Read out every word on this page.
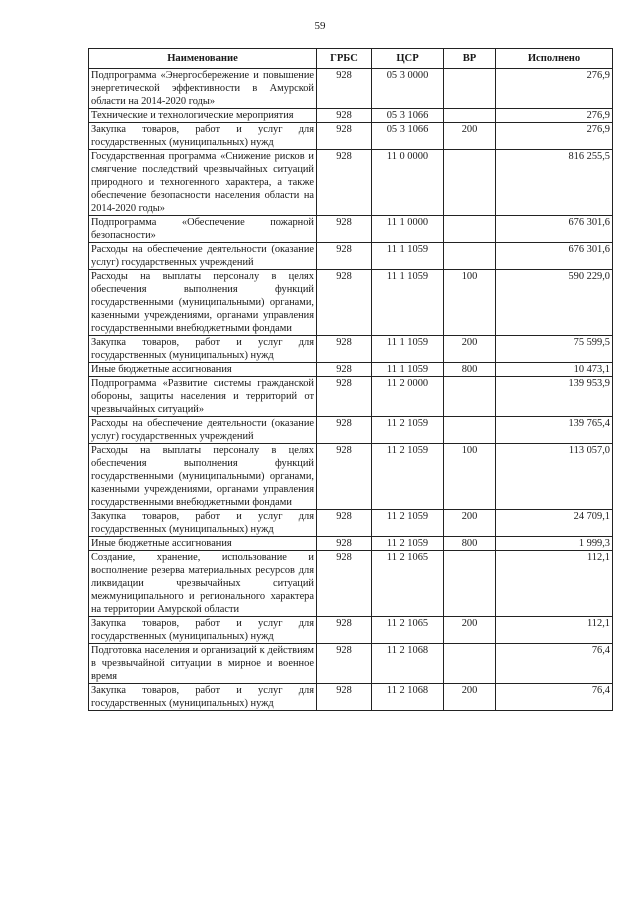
59
Наименование	ГРБС	ЦСР	ВР	Исполнено
Подпрограмма «Энергосбережение и повышение энергетической эффективности в Амурской области на 2014-2020 годы»	928	05 3 0000		276,9
Технические и технологические мероприятия	928	05 3 1066		276,9
Закупка товаров, работ и услуг для государственных (муниципальных) нужд	928	05 3 1066	200	276,9
Государственная программа «Снижение рисков и смягчение последствий чрезвычайных ситуаций природного и техногенного характера, а также обеспечение безопасности населения области на 2014-2020 годы»	928	11 0 0000		816 255,5
Подпрограмма «Обеспечение пожарной безопасности»	928	11 1 0000		676 301,6
Расходы на обеспечение деятельности (оказание услуг) государственных учреждений	928	11 1 1059		676 301,6
Расходы на выплаты персоналу в целях обеспечения выполнения функций государственными (муниципальными) органами, казенными учреждениями, органами управления государственными внебюджетными фондами	928	11 1 1059	100	590 229,0
Закупка товаров, работ и услуг для государственных (муниципальных) нужд	928	11 1 1059	200	75 599,5
Иные бюджетные ассигнования	928	11 1 1059	800	10 473,1
Подпрограмма «Развитие системы гражданской обороны, защиты населения и территорий от чрезвычайных ситуаций»	928	11 2 0000		139 953,9
Расходы на обеспечение деятельности (оказание услуг) государственных учреждений	928	11 2 1059		139 765,4
Расходы на выплаты персоналу в целях обеспечения выполнения функций государственными (муниципальными) органами, казенными учреждениями, органами управления государственными внебюджетными фондами	928	11 2 1059	100	113 057,0
Закупка товаров, работ и услуг для государственных (муниципальных) нужд	928	11 2 1059	200	24 709,1
Иные бюджетные ассигнования	928	11 2 1059	800	1 999,3
Создание, хранение, использование и восполнение резерва материальных ресурсов для ликвидации чрезвычайных ситуаций межмуниципального и регионального характера на территории Амурской области	928	11 2 1065		112,1
Закупка товаров, работ и услуг для государственных (муниципальных) нужд	928	11 2 1065	200	112,1
Подготовка населения и организаций к действиям в чрезвычайной ситуации в мирное и военное время	928	11 2 1068		76,4
Закупка товаров, работ и услуг для государственных (муниципальных) нужд	928	11 2 1068	200	76,4
